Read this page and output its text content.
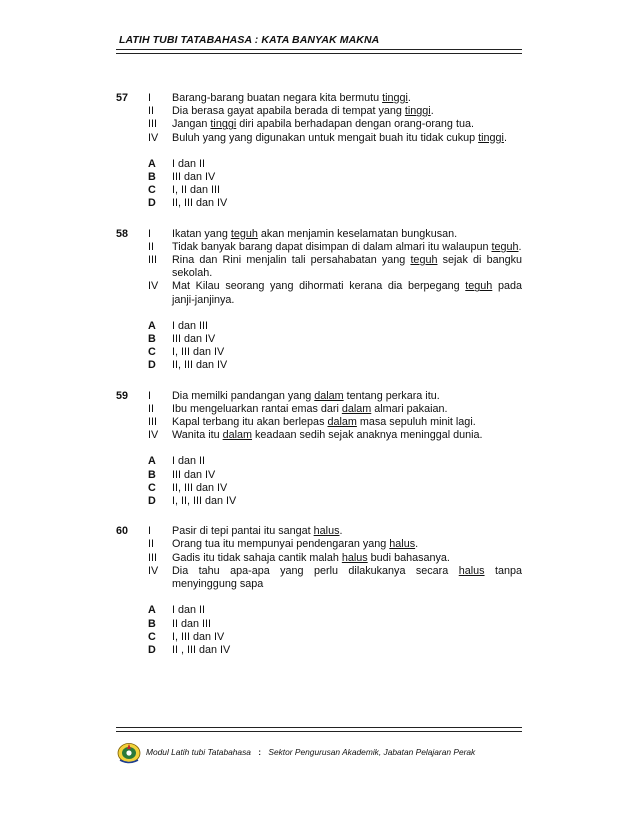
LATIH TUBI TATABAHASA : KATA BANYAK MAKNA
57	I	Barang-barang buatan negara kita bermutu tinggi.
II	Dia berasa gayat apabila berada di tempat yang tinggi.
III	Jangan tinggi diri apabila berhadapan dengan orang-orang tua.
IV	Buluh yang yang digunakan untuk mengait buah itu tidak cukup tinggi.
A	I dan II
B	III dan IV
C	I, II dan III
D	II, III dan IV
58	I	Ikatan yang teguh akan menjamin keselamatan bungkusan.
II	Tidak banyak barang dapat disimpan di dalam almari itu walaupun teguh.
III	Rina dan Rini menjalin tali persahabatan yang teguh sejak di bangku sekolah.
IV	Mat Kilau seorang yang dihormati kerana dia berpegang teguh pada janji-janjinya.
A	I dan III
B	III dan IV
C	I, III dan IV
D	II, III dan IV
59	I	Dia memilki pandangan yang dalam tentang perkara itu.
II	Ibu mengeluarkan rantai emas dari dalam almari pakaian.
III	Kapal terbang itu akan berlepas dalam masa sepuluh minit lagi.
IV	Wanita itu dalam keadaan sedih sejak anaknya meninggal dunia.
A	I dan II
B	III dan IV
C	II, III dan IV
D	I, II, III dan IV
60	I	Pasir di tepi pantai itu sangat halus.
II	Orang tua itu mempunyai pendengaran yang halus.
III	Gadis itu tidak sahaja cantik malah halus budi bahasanya.
IV	Dia tahu apa-apa yang perlu dilakukanya secara halus tanpa menyinggung sapa
A	I dan II
B	II dan III
C	I, III dan IV
D	II , III dan IV
Modul Latih tubi Tatabahasa : Sektor Pengurusan Akademik, Jabatan Pelajaran Perak
